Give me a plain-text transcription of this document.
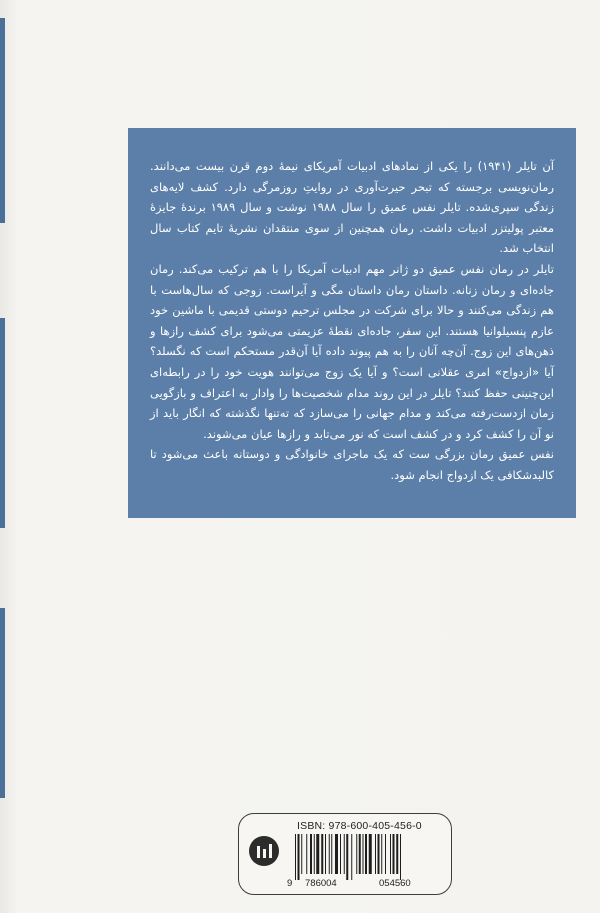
آن تایلر (۱۹۴۱) را یکی از نمادهای ادبیات آمریکای نیمهٔ دوم قرن بیست می‌دانند. رمان‌نویسی برجسته که تبحر حیرت‌آوری در روایتِ روزمرگی دارد. کشف لایه‌های زندگی سپری‌شده. تایلر نفس عمیق را سال ۱۹۸۸ نوشت و سال ۱۹۸۹ برندهٔ جایزهٔ معتبر پولیتزر ادبیات داشت. رمان همچنین از سوی منتقدان نشریهٔ تایم کتاب سال انتخاب شد.

تایلر در رمان نفس عمیق دو ژانر مهم ادبیات آمریکا را با هم ترکیب می‌کند. رمان جاده‌ای و رمان زنانه. داستان رمان داستان مگی و آیراست. زوجی که سال‌هاست با هم زندگی می‌کنند و حالا برای شرکت در مجلس ترحیم دوستی قدیمی با ماشین خود عازم پنسیلوانیا هستند. این سفر، جاده‌ای نقطهٔ عزیمتی می‌شود برای کشف رازها و ذهن‌های این زوج. آن‌چه آنان را به هم پیوند داده آیا آن‌قدر مستحکم است که نگسلد؟ آیا «ازدواج» امری عقلانی است؟ و آیا یک زوج می‌توانند هویت خود را در رابطه‌ای این‌چنینی حفظ کنند؟ تایلر در این روند مدام شخصیت‌ها را وادار به اعتراف و بازگویی زمان ازدست‌رفته می‌کند و مدام جهانی را می‌سازد که ته‌تنها نگذشته که انگار باید از نو آن را کشف کرد و در کشف است که نور می‌تابد و رازها عیان می‌شوند.

نفس عمیق رمان بزرگی ست که یک ماجرای خانوادگی و دوستانه باعث می‌شود تا کالبدشکافی یک ازدواج انجام شود.

ISBN: 978-600-405-456-0
9 786004	054560
